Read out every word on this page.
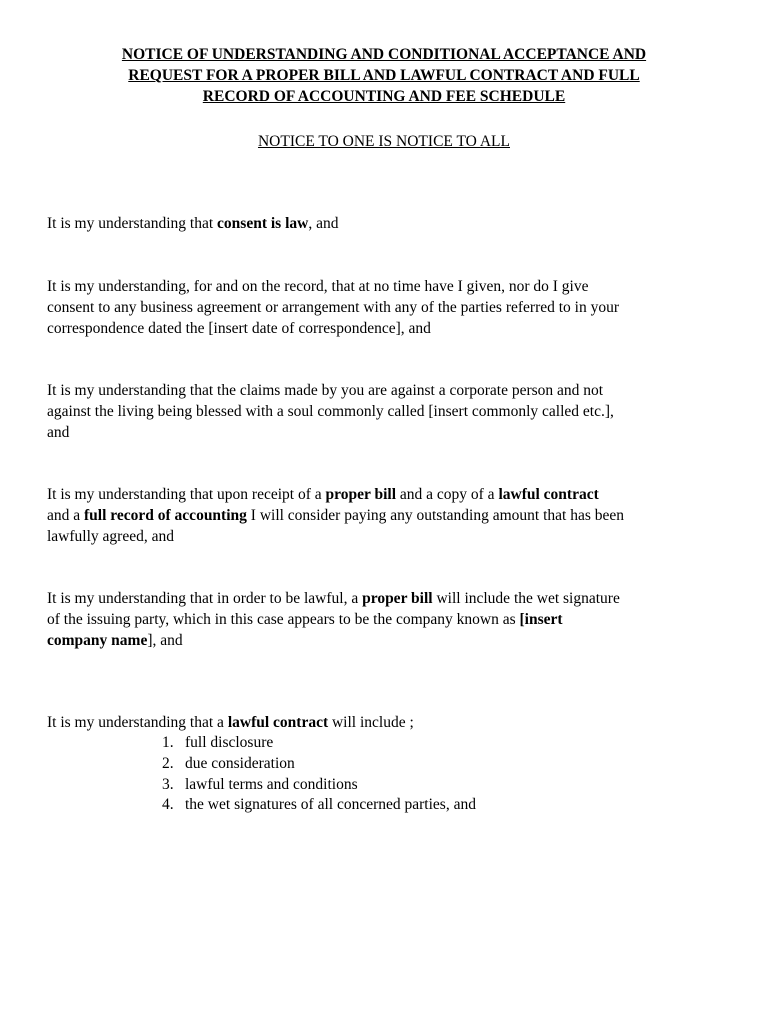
NOTICE OF UNDERSTANDING AND CONDITIONAL ACCEPTANCE AND
REQUEST FOR A PROPER BILL AND LAWFUL CONTRACT AND FULL
RECORD OF ACCOUNTING AND FEE SCHEDULE
NOTICE TO ONE IS NOTICE TO ALL
It is my understanding that consent is law, and
It is my understanding, for and on the record, that at no time have I given, nor do I give
consent to any business agreement or arrangement with any of the parties referred to in your
correspondence dated the [insert date of correspondence], and
It is my understanding that the claims made by you are against a corporate person and not
against the living being blessed with a soul commonly called [insert commonly called etc.],
and
It is my understanding that upon receipt of a proper bill and a copy of a lawful contract
and a full record of accounting I will consider paying any outstanding amount that has been
lawfully agreed, and
It is my understanding that in order to be lawful, a proper bill will include the wet signature
of the issuing party, which in this case appears to be the company known as [insert
company name], and
It is my understanding that a lawful contract will include ;
1. full disclosure
2. due consideration
3. lawful terms and conditions
4. the wet signatures of all concerned parties, and
